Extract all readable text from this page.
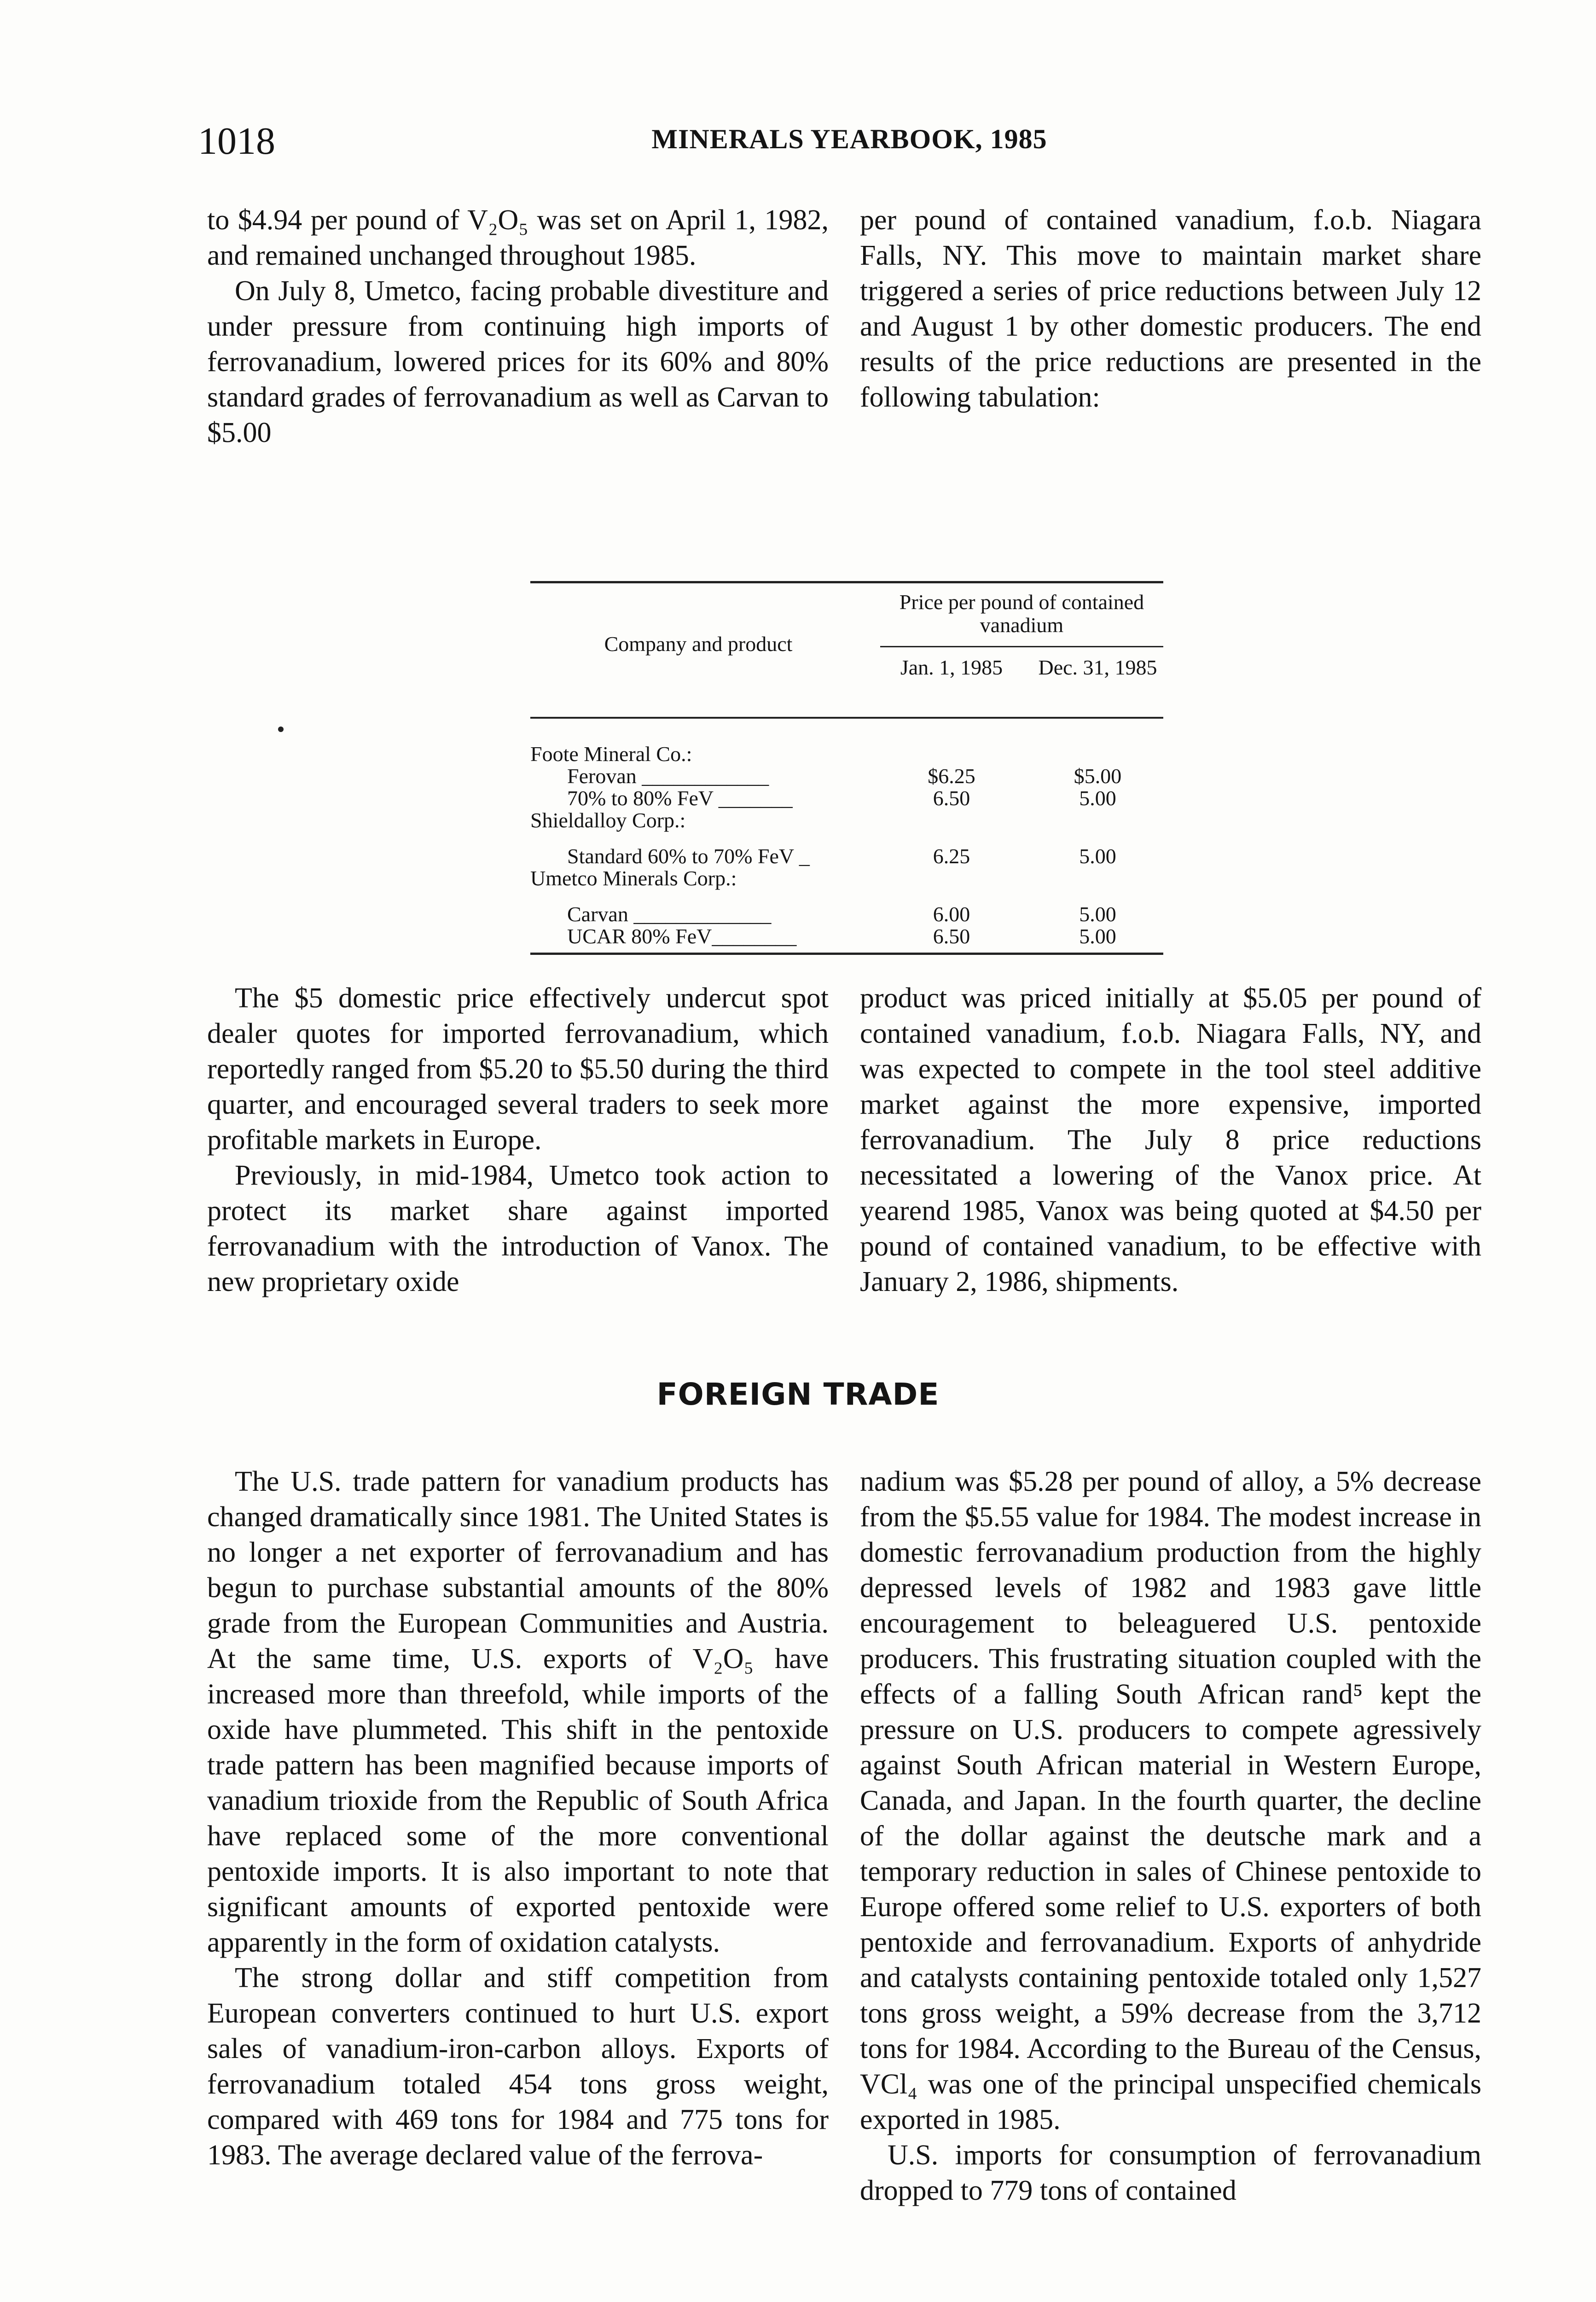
1018	MINERALS YEARBOOK, 1985

to $4.94 per pound of V₂O₅ was set on April 1, 1982, and remained unchanged throughout 1985.

On July 8, Umetco, facing probable divestiture and under pressure from continuing high imports of ferrovanadium, lowered prices for its 60% and 80% standard grades of ferrovanadium as well as Carvan to $5.00

per pound of contained vanadium, f.o.b. Niagara Falls, NY. This move to maintain market share triggered a series of price reductions between July 12 and August 1 by other domestic producers. The end results of the price reductions are presented in the following tabulation:

Company and product
Price per pound of contained vanadium
Jan. 1, 1985	Dec. 31, 1985
Foote Mineral Co.:
Ferovan ____________	$6.25	$5.00
70% to 80% FeV _______	6.50	5.00
Shieldalloy Corp.:
Standard 60% to 70% FeV _	6.25	5.00
Umetco Minerals Corp.:
Carvan _____________	6.00	5.00
UCAR 80% FeV________	6.50	5.00

The $5 domestic price effectively undercut spot dealer quotes for imported ferrovanadium, which reportedly ranged from $5.20 to $5.50 during the third quarter, and encouraged several traders to seek more profitable markets in Europe.

Previously, in mid-1984, Umetco took action to protect its market share against imported ferrovanadium with the introduction of Vanox. The new proprietary oxide

product was priced initially at $5.05 per pound of contained vanadium, f.o.b. Niagara Falls, NY, and was expected to compete in the tool steel additive market against the more expensive, imported ferrovanadium. The July 8 price reductions necessitated a lowering of the Vanox price. At yearend 1985, Vanox was being quoted at $4.50 per pound of contained vanadium, to be effective with January 2, 1986, shipments.

FOREIGN TRADE

The U.S. trade pattern for vanadium products has changed dramatically since 1981. The United States is no longer a net exporter of ferrovanadium and has begun to purchase substantial amounts of the 80% grade from the European Communities and Austria. At the same time, U.S. exports of V₂O₅ have increased more than threefold, while imports of the oxide have plummeted. This shift in the pentoxide trade pattern has been magnified because imports of vanadium trioxide from the Republic of South Africa have replaced some of the more conventional pentoxide imports. It is also important to note that significant amounts of exported pentoxide were apparently in the form of oxidation catalysts.

The strong dollar and stiff competition from European converters continued to hurt U.S. export sales of vanadium-iron-carbon alloys. Exports of ferrovanadium totaled 454 tons gross weight, compared with 469 tons for 1984 and 775 tons for 1983. The average declared value of the ferrova-

nadium was $5.28 per pound of alloy, a 5% decrease from the $5.55 value for 1984. The modest increase in domestic ferrovanadium production from the highly depressed levels of 1982 and 1983 gave little encouragement to beleaguered U.S. pentoxide producers. This frustrating situation coupled with the effects of a falling South African rand⁵ kept the pressure on U.S. producers to compete agressively against South African material in Western Europe, Canada, and Japan. In the fourth quarter, the decline of the dollar against the deutsche mark and a temporary reduction in sales of Chinese pentoxide to Europe offered some relief to U.S. exporters of both pentoxide and ferrovanadium. Exports of anhydride and catalysts containing pentoxide totaled only 1,527 tons gross weight, a 59% decrease from the 3,712 tons for 1984. According to the Bureau of the Census, VCl₄ was one of the principal unspecified chemicals exported in 1985.

U.S. imports for consumption of ferrovanadium dropped to 779 tons of contained
